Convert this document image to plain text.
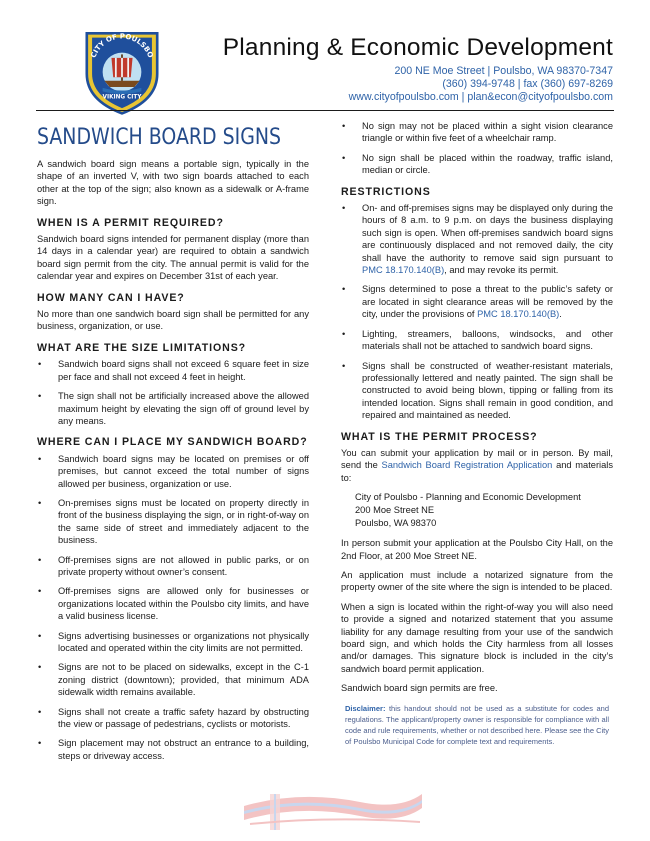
CITY OF POULSBO
VIKING CITY
Planning & Economic Development
200 NE Moe Street | Poulsbo, WA 98370-7347
(360) 394-9748 | fax (360) 697-8269
www.cityofpoulsbo.com | plan&econ@cityofpoulsbo.com
SANDWICH BOARD SIGNS

A sandwich board sign means a portable sign, typically in the shape of an inverted V, with two sign boards attached to each other at the top of the sign; also known as a sidewalk or A-frame sign.

WHEN IS A PERMIT REQUIRED?

Sandwich board signs intended for permanent display (more than 14 days in a calendar year) are required to obtain a sandwich board sign permit from the city. The annual permit is valid for the calendar year and expires on December 31st of each year.

HOW MANY CAN I HAVE?

No more than one sandwich board sign shall be permitted for any business, organization, or use.

WHAT ARE THE SIZE LIMITATIONS?
• Sandwich board signs shall not exceed 6 square feet in size per face and shall not exceed 4 feet in height.
• The sign shall not be artificially increased above the allowed maximum height by elevating the sign off of ground level by any means.
WHERE CAN I PLACE MY SANDWICH BOARD?
• Sandwich board signs may be located on premises or off premises, but cannot exceed the total number of signs allowed per business, organization or use.
• On-premises signs must be located on property directly in front of the business displaying the sign, or in right-of-way on the same side of street and immediately adjacent to the business.
• Off-premises signs are not allowed in public parks, or on private property without owner’s consent.
• Off-premises signs are allowed only for businesses or organizations located within the Poulsbo city limits, and have a valid business license.
• Signs advertising businesses or organizations not physically located and operated within the city limits are not permitted.
• Signs are not to be placed on sidewalks, except in the C-1 zoning district (downtown); provided, that minimum ADA sidewalk width remains available.
• Signs shall not create a traffic safety hazard by obstructing the view or passage of pedestrians, cyclists or motorists.
• Sign placement may not obstruct an entrance to a building, steps or driveway access.
• No sign may not be placed within a sight vision clearance triangle or within five feet of a wheelchair ramp.
• No sign shall be placed within the roadway, traffic island, median or circle.
RESTRICTIONS
• On- and off-premises signs may be displayed only during the hours of 8 a.m. to 9 p.m. on days the business displaying such sign is open. When off-premises sandwich board signs are continuously displaced and not removed daily, the city shall have the authority to remove said sign pursuant to PMC 18.170.140(B), and may revoke its permit.
• Signs determined to pose a threat to the public’s safety or are located in sight clearance areas will be removed by the city, under the provisions of PMC 18.170.140(B).
• Lighting, streamers, balloons, windsocks, and other materials shall not be attached to sandwich board signs.
• Signs shall be constructed of weather-resistant materials, professionally lettered and neatly painted. The sign shall be constructed to avoid being blown, tipping or falling from its intended location. Signs shall remain in good condition, and repaired and maintained as needed.
WHAT IS THE PERMIT PROCESS?

You can submit your application by mail or in person. By mail, send the Sandwich Board Registration Application and materials to:

City of Poulsbo - Planning and Economic Development
200 Moe Street NE
Poulsbo, WA 98370

In person submit your application at the Poulsbo City Hall, on the 2nd Floor, at 200 Moe Street NE.

An application must include a notarized signature from the property owner of the site where the sign is intended to be placed.

When a sign is located within the right-of-way you will also need to provide a signed and notarized statement that you assume liability for any damage resulting from your use of the sandwich board sign, and which holds the City harmless from all losses and/or damages. This signature block is included in the city’s sandwich board permit application.

Sandwich board sign permits are free.

Disclaimer: this handout should not be used as a substitute for codes and regulations. The applicant/property owner is responsible for compliance with all code and rule requirements, whether or not described here. Please see the City of Poulsbo Municipal Code for complete text and requirements.
